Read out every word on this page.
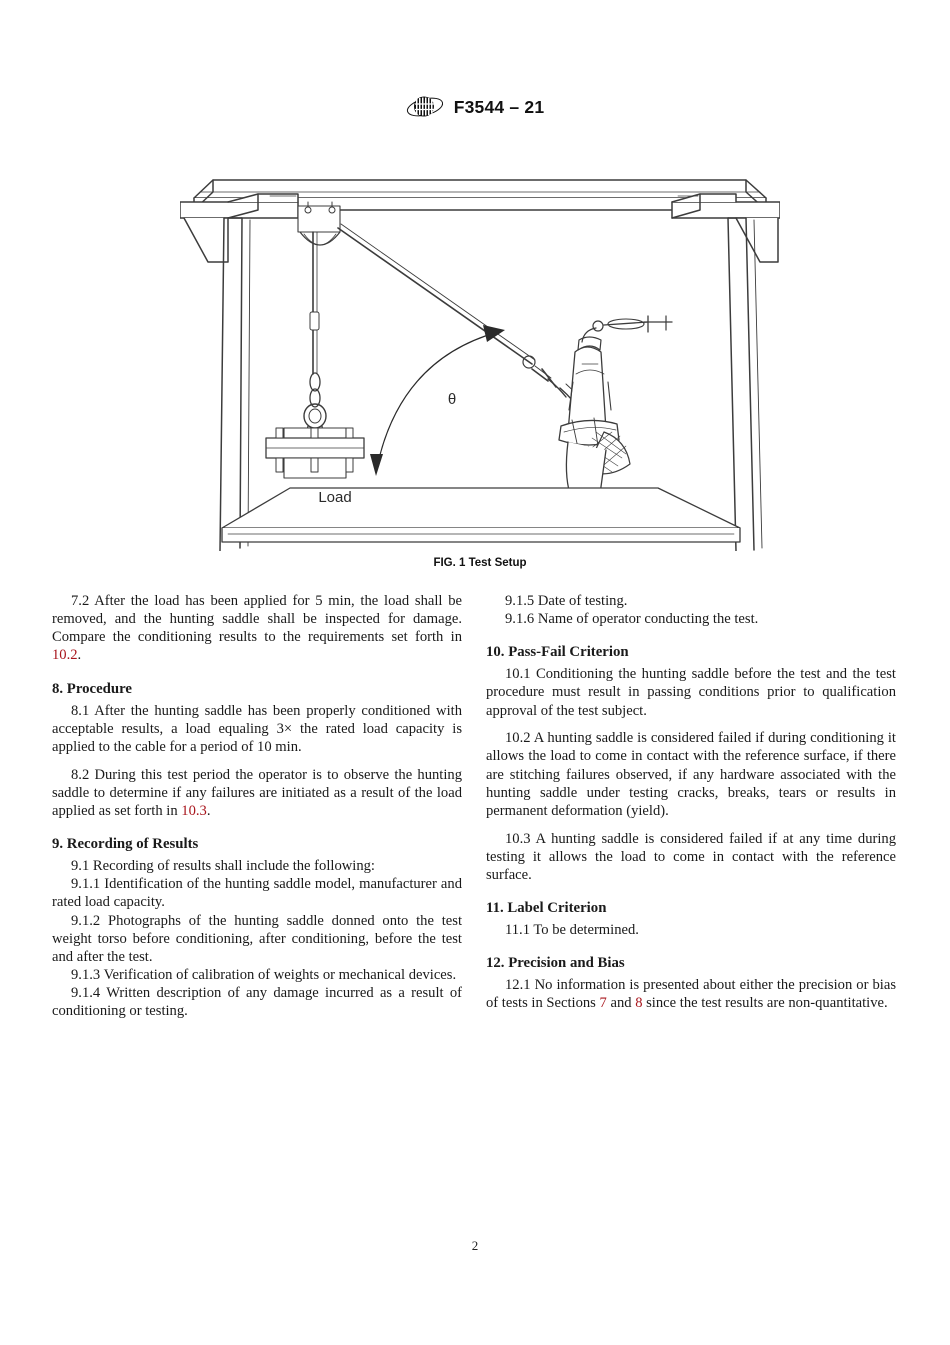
F3544 – 21
Load
θ
FIG. 1 Test Setup

7.2 After the load has been applied for 5 min, the load shall be removed, and the hunting saddle shall be inspected for damage. Compare the conditioning results to the requirements set forth in 10.2.

8. Procedure

8.1 After the hunting saddle has been properly conditioned with acceptable results, a load equaling 3× the rated load capacity is applied to the cable for a period of 10 min.

8.2 During this test period the operator is to observe the hunting saddle to determine if any failures are initiated as a result of the load applied as set forth in 10.3.

9. Recording of Results

9.1 Recording of results shall include the following:

9.1.1 Identification of the hunting saddle model, manufacturer and rated load capacity.

9.1.2 Photographs of the hunting saddle donned onto the test weight torso before conditioning, after conditioning, before the test and after the test.

9.1.3 Verification of calibration of weights or mechanical devices.

9.1.4 Written description of any damage incurred as a result of conditioning or testing.

9.1.5 Date of testing.

9.1.6 Name of operator conducting the test.

10. Pass-Fail Criterion

10.1 Conditioning the hunting saddle before the test and the test procedure must result in passing conditions prior to qualification approval of the test subject.

10.2 A hunting saddle is considered failed if during conditioning it allows the load to come in contact with the reference surface, if there are stitching failures observed, if any hardware associated with the hunting saddle under testing cracks, breaks, tears or results in permanent deformation (yield).

10.3 A hunting saddle is considered failed if at any time during testing it allows the load to come in contact with the reference surface.

11. Label Criterion

11.1 To be determined.

12. Precision and Bias

12.1 No information is presented about either the precision or bias of tests in Sections 7 and 8 since the test results are non-quantitative.

2
